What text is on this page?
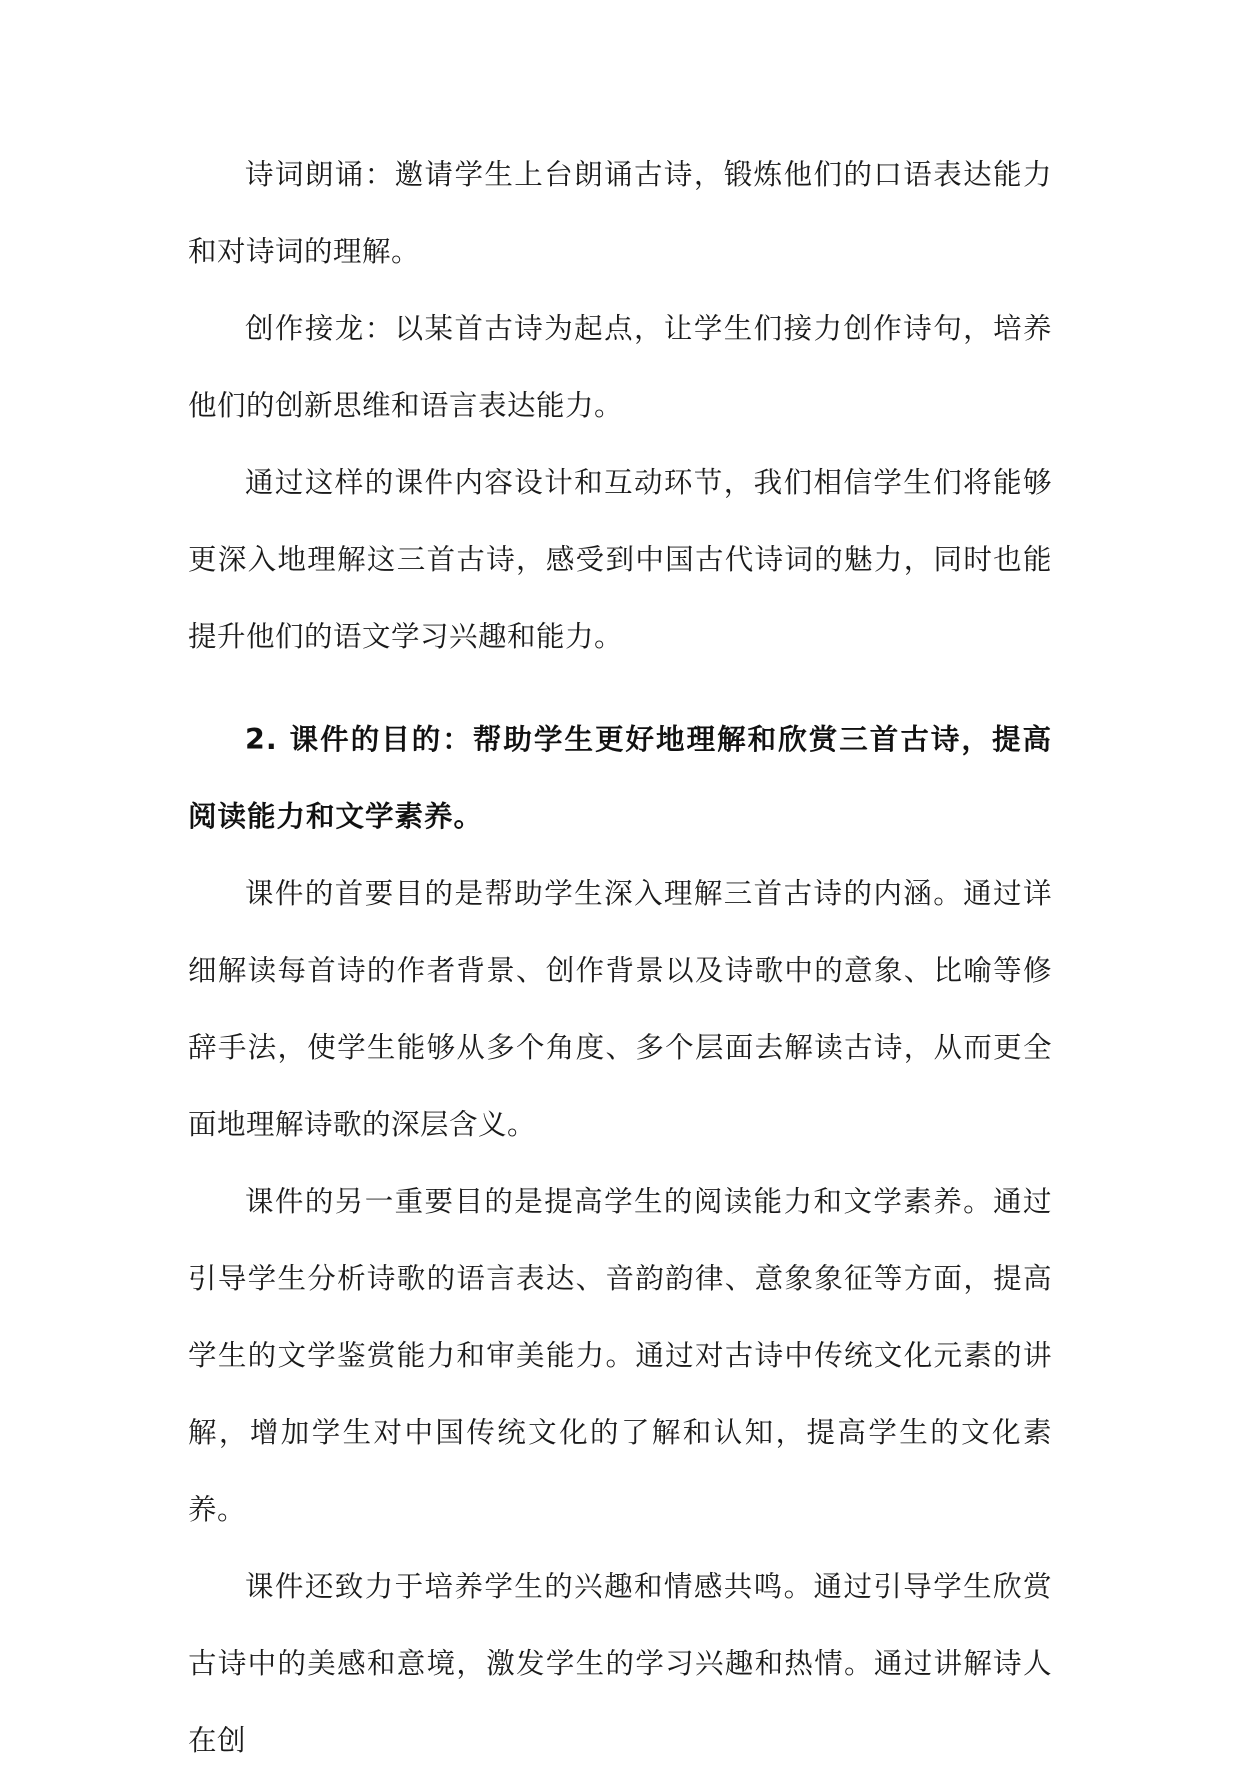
诗词朗诵：邀请学生上台朗诵古诗，锻炼他们的口语表达能力和对诗词的理解。

创作接龙：以某首古诗为起点，让学生们接力创作诗句，培养他们的创新思维和语言表达能力。

通过这样的课件内容设计和互动环节，我们相信学生们将能够更深入地理解这三首古诗，感受到中国古代诗词的魅力，同时也能提升他们的语文学习兴趣和能力。

2. 课件的目的：帮助学生更好地理解和欣赏三首古诗，提高阅读能力和文学素养。

课件的首要目的是帮助学生深入理解三首古诗的内涵。通过详细解读每首诗的作者背景、创作背景以及诗歌中的意象、比喻等修辞手法，使学生能够从多个角度、多个层面去解读古诗，从而更全面地理解诗歌的深层含义。

课件的另一重要目的是提高学生的阅读能力和文学素养。通过引导学生分析诗歌的语言表达、音韵韵律、意象象征等方面，提高学生的文学鉴赏能力和审美能力。通过对古诗中传统文化元素的讲解，增加学生对中国传统文化的了解和认知，提高学生的文化素养。

课件还致力于培养学生的兴趣和情感共鸣。通过引导学生欣赏古诗中的美感和意境，激发学生的学习兴趣和热情。通过讲解诗人在创
